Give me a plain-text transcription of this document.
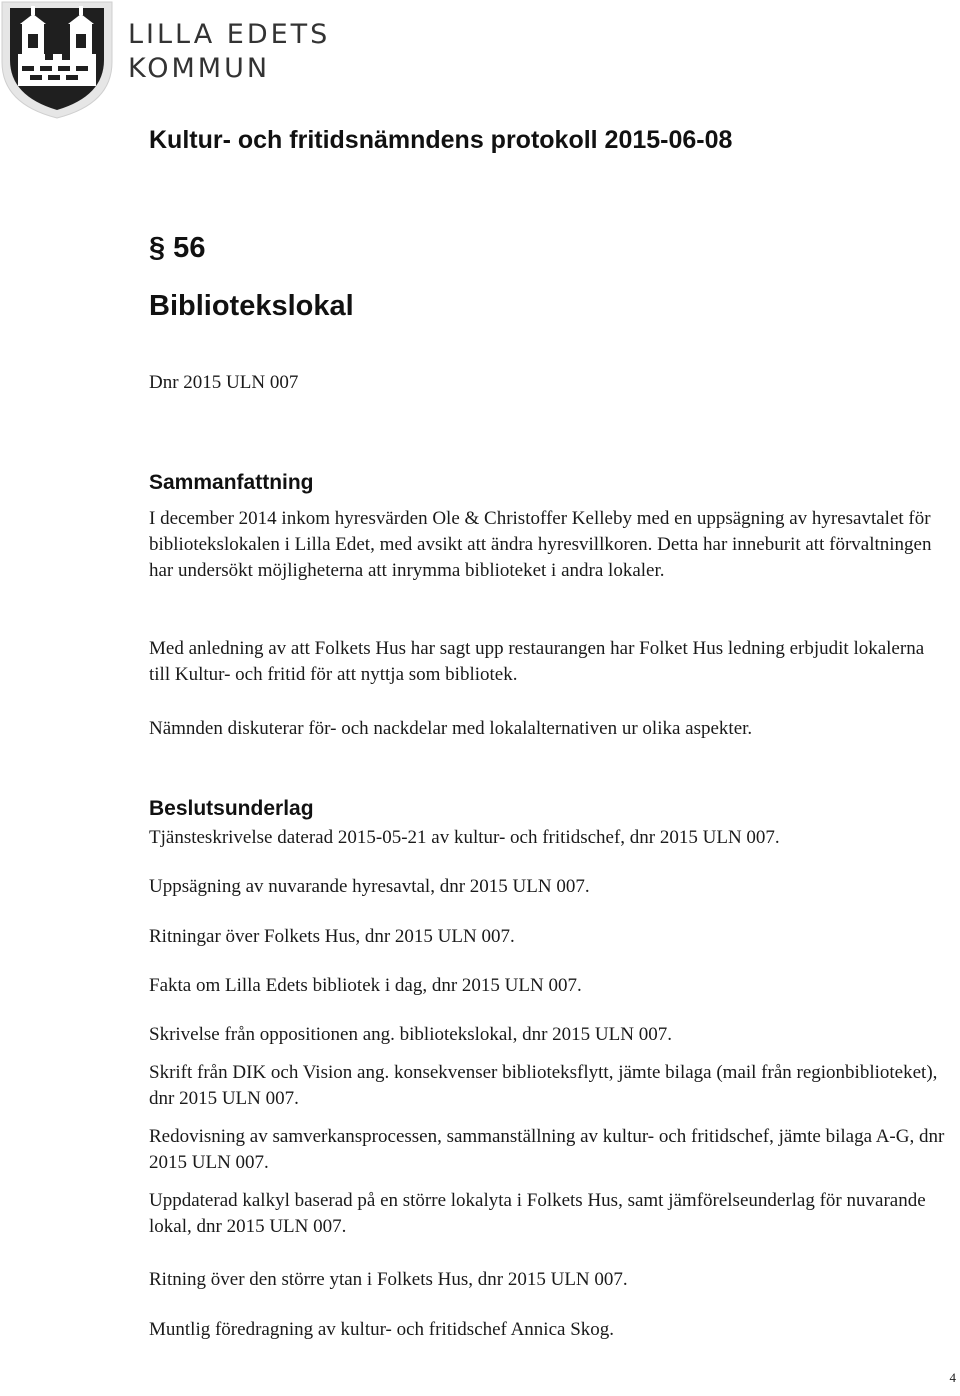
LILLA EDETS
KOMMUN
Kultur- och fritidsnämndens protokoll 2015-06-08
§ 56
Bibliotekslokal
Dnr 2015 ULN 007
Sammanfattning
I december 2014 inkom hyresvärden Ole & Christoffer Kelleby med en uppsägning av hyresavtalet för bibliotekslokalen i Lilla Edet, med avsikt att ändra hyresvillkoren. Detta har inneburit att förvaltningen har undersökt möjligheterna att inrymma biblioteket i andra lokaler.
Med anledning av att Folkets Hus har sagt upp restaurangen har Folket Hus ledning erbjudit lokalerna till Kultur- och fritid för att nyttja som bibliotek.
Nämnden diskuterar för- och nackdelar med lokalalternativen ur olika aspekter.
Beslutsunderlag
Tjänsteskrivelse daterad 2015-05-21 av kultur- och fritidschef, dnr 2015 ULN 007.
Uppsägning av nuvarande hyresavtal, dnr 2015 ULN 007.
Ritningar över Folkets Hus, dnr 2015 ULN 007.
Fakta om Lilla Edets bibliotek i dag, dnr 2015 ULN 007.
Skrivelse från oppositionen ang. bibliotekslokal, dnr 2015 ULN 007.
Skrift från DIK och Vision ang. konsekvenser biblioteksflytt, jämte bilaga (mail från regionbiblioteket), dnr 2015 ULN 007.
Redovisning av samverkansprocessen, sammanställning av kultur- och fritidschef, jämte bilaga A-G, dnr 2015 ULN 007.
Uppdaterad kalkyl baserad på en större lokalyta i Folkets Hus, samt jämförelseunderlag för nuvarande lokal, dnr 2015 ULN 007.
Ritning över den större ytan i Folkets Hus, dnr 2015 ULN 007.
Muntlig föredragning av kultur- och fritidschef Annica Skog.
4
